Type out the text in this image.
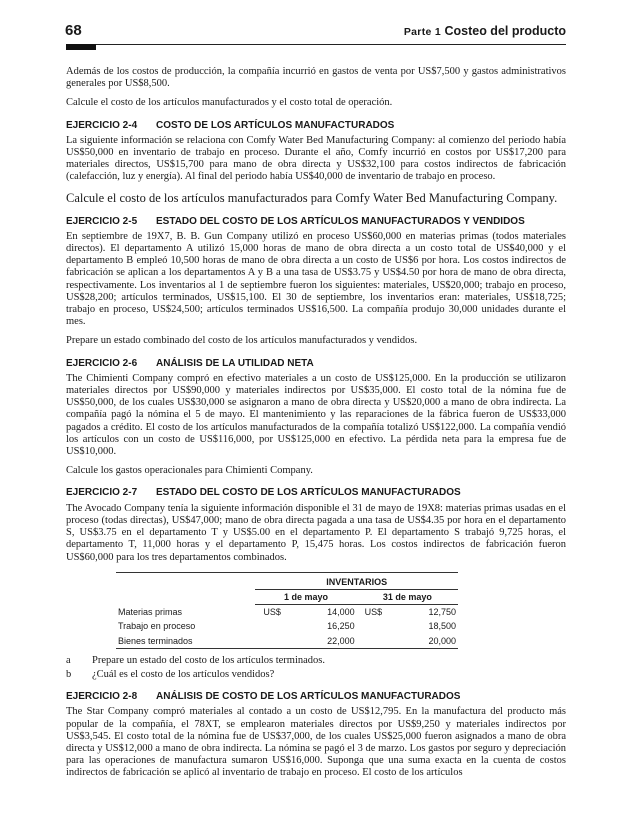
68	Parte 1 Costeo del producto

Además de los costos de producción, la compañía incurrió en gastos de venta por US$7,500 y gastos administrativos generales por US$8,500.

Calcule el costo de los artículos manufacturados y el costo total de operación.

EJERCICIO 2-4 COSTO DE LOS ARTÍCULOS MANUFACTURADOS

La siguiente información se relaciona con Comfy Water Bed Manufacturing Company: al comienzo del periodo había US$50,000 en inventario de trabajo en proceso. Durante el año, Comfy incurrió en costos por US$17,200 para materiales directos, US$15,700 para mano de obra directa y US$32,100 para costos indirectos de fabricación (calefacción, luz y energía). Al final del periodo había US$40,000 de inventario de trabajo en proceso.

Calcule el costo de los artículos manufacturados para Comfy Water Bed Manufacturing Company.

EJERCICIO 2-5 ESTADO DEL COSTO DE LOS ARTÍCULOS MANUFACTURADOS Y VENDIDOS

En septiembre de 19X7, B. B. Gun Company utilizó en proceso US$60,000 en materias primas (todos materiales directos). El departamento A utilizó 15,000 horas de mano de obra directa a un costo total de US$40,000 y el departamento B empleó 10,500 horas de mano de obra directa a un costo de US$6 por hora. Los costos indirectos de fabricación se aplican a los departamentos A y B a una tasa de US$3.75 y US$4.50 por hora de mano de obra directa, respectivamente. Los inventarios al 1 de septiembre fueron los siguientes: materiales, US$20,000; trabajo en proceso, US$28,200; artículos terminados, US$15,100. El 30 de septiembre, los inventarios eran: materiales, US$18,725; trabajo en proceso, US$24,500; artículos terminados US$16,500. La compañía produjo 30,000 unidades durante el mes.

Prepare un estado combinado del costo de los artículos manufacturados y vendidos.

EJERCICIO 2-6 ANÁLISIS DE LA UTILIDAD NETA

The Chimienti Company compró en efectivo materiales a un costo de US$125,000. En la producción se utilizaron materiales directos por US$90,000 y materiales indirectos por US$35,000. El costo total de la nómina fue de US$50,000, de los cuales US$30,000 se asignaron a mano de obra directa y US$20,000 a mano de obra indirecta. La compañía pagó la nómina el 5 de mayo. El mantenimiento y las reparaciones de la fábrica fueron de US$33,000 pagados a crédito. El costo de los artículos manufacturados de la compañía totalizó US$122,000. La compañía vendió los artículos con un costo de US$116,000, por US$125,000 en efectivo. La pérdida neta para la empresa fue de US$10,000.

Calcule los gastos operacionales para Chimienti Company.

EJERCICIO 2-7 ESTADO DEL COSTO DE LOS ARTÍCULOS MANUFACTURADOS

The Avocado Company tenía la siguiente información disponible el 31 de mayo de 19X8: materias primas usadas en el proceso (todas directas), US$47,000; mano de obra directa pagada a una tasa de US$4.35 por hora en el departamento S, US$3.75 en el departamento T y US$5.00 en el departamento P. El departamento S trabajó 9,725 horas, el departamento T, 11,000 horas y el departamento P, 15,475 horas. Los costos indirectos de fabricación fueron US$60,000 para los tres departamentos combinados.

	INVENTARIOS			
	1 de mayo		31 de mayo	
Materias primas	US$	14,000	US$	12,750
Trabajo en proceso		16,250		18,500
Bienes terminados		22,000		20,000
a	Prepare un estado del costo de los artículos terminados.
b	¿Cuál es el costo de los artículos vendidos?
EJERCICIO 2-8 ANÁLISIS DE COSTO DE LOS ARTÍCULOS MANUFACTURADOS

The Star Company compró materiales al contado a un costo de US$12,795. En la manufactura del producto más popular de la compañía, el 78XT, se emplearon materiales directos por US$9,250 y materiales indirectos por US$3,545. El costo total de la nómina fue de US$37,000, de los cuales US$25,000 fueron asignados a mano de obra directa y US$12,000 a mano de obra indirecta. La nómina se pagó el 3 de marzo. Los gastos por seguro y depreciación para las operaciones de manufactura sumaron US$16,000. Suponga que una suma exacta en la cuenta de costos indirectos de fabricación se aplicó al inventario de trabajo en proceso. El costo de los artículos
